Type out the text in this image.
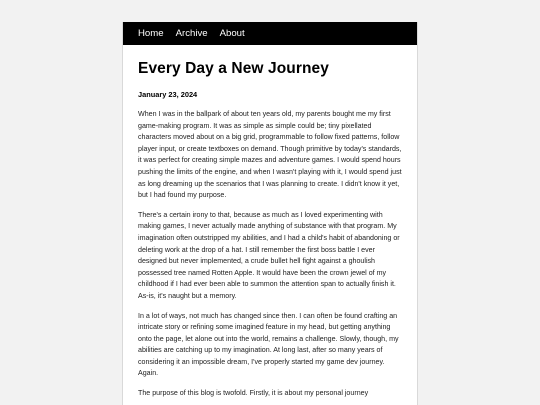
Home Archive About
Every Day a New Journey
January 23, 2024

When I was in the ballpark of about ten years old, my parents bought me my first game-making program. It was as simple as simple could be; tiny pixellated characters moved about on a big grid, programmable to follow fixed patterns, follow player input, or create textboxes on demand. Though primitive by today's standards, it was perfect for creating simple mazes and adventure games. I would spend hours pushing the limits of the engine, and when I wasn't playing with it, I would spend just as long dreaming up the scenarios that I was planning to create. I didn't know it yet, but I had found my purpose.

There's a certain irony to that, because as much as I loved experimenting with making games, I never actually made anything of substance with that program. My imagination often outstripped my abilities, and I had a child's habit of abandoning or deleting work at the drop of a hat. I still remember the first boss battle I ever designed but never implemented, a crude bullet hell fight against a ghoulish possessed tree named Rotten Apple. It would have been the crown jewel of my childhood if I had ever been able to summon the attention span to actually finish it. As-is, it's naught but a memory.

In a lot of ways, not much has changed since then. I can often be found crafting an intricate story or refining some imagined feature in my head, but getting anything onto the page, let alone out into the world, remains a challenge. Slowly, though, my abilities are catching up to my imagination. At long last, after so many years of considering it an impossible dream, I've properly started my game dev journey. Again.

The purpose of this blog is twofold. Firstly, it is about my personal journey
